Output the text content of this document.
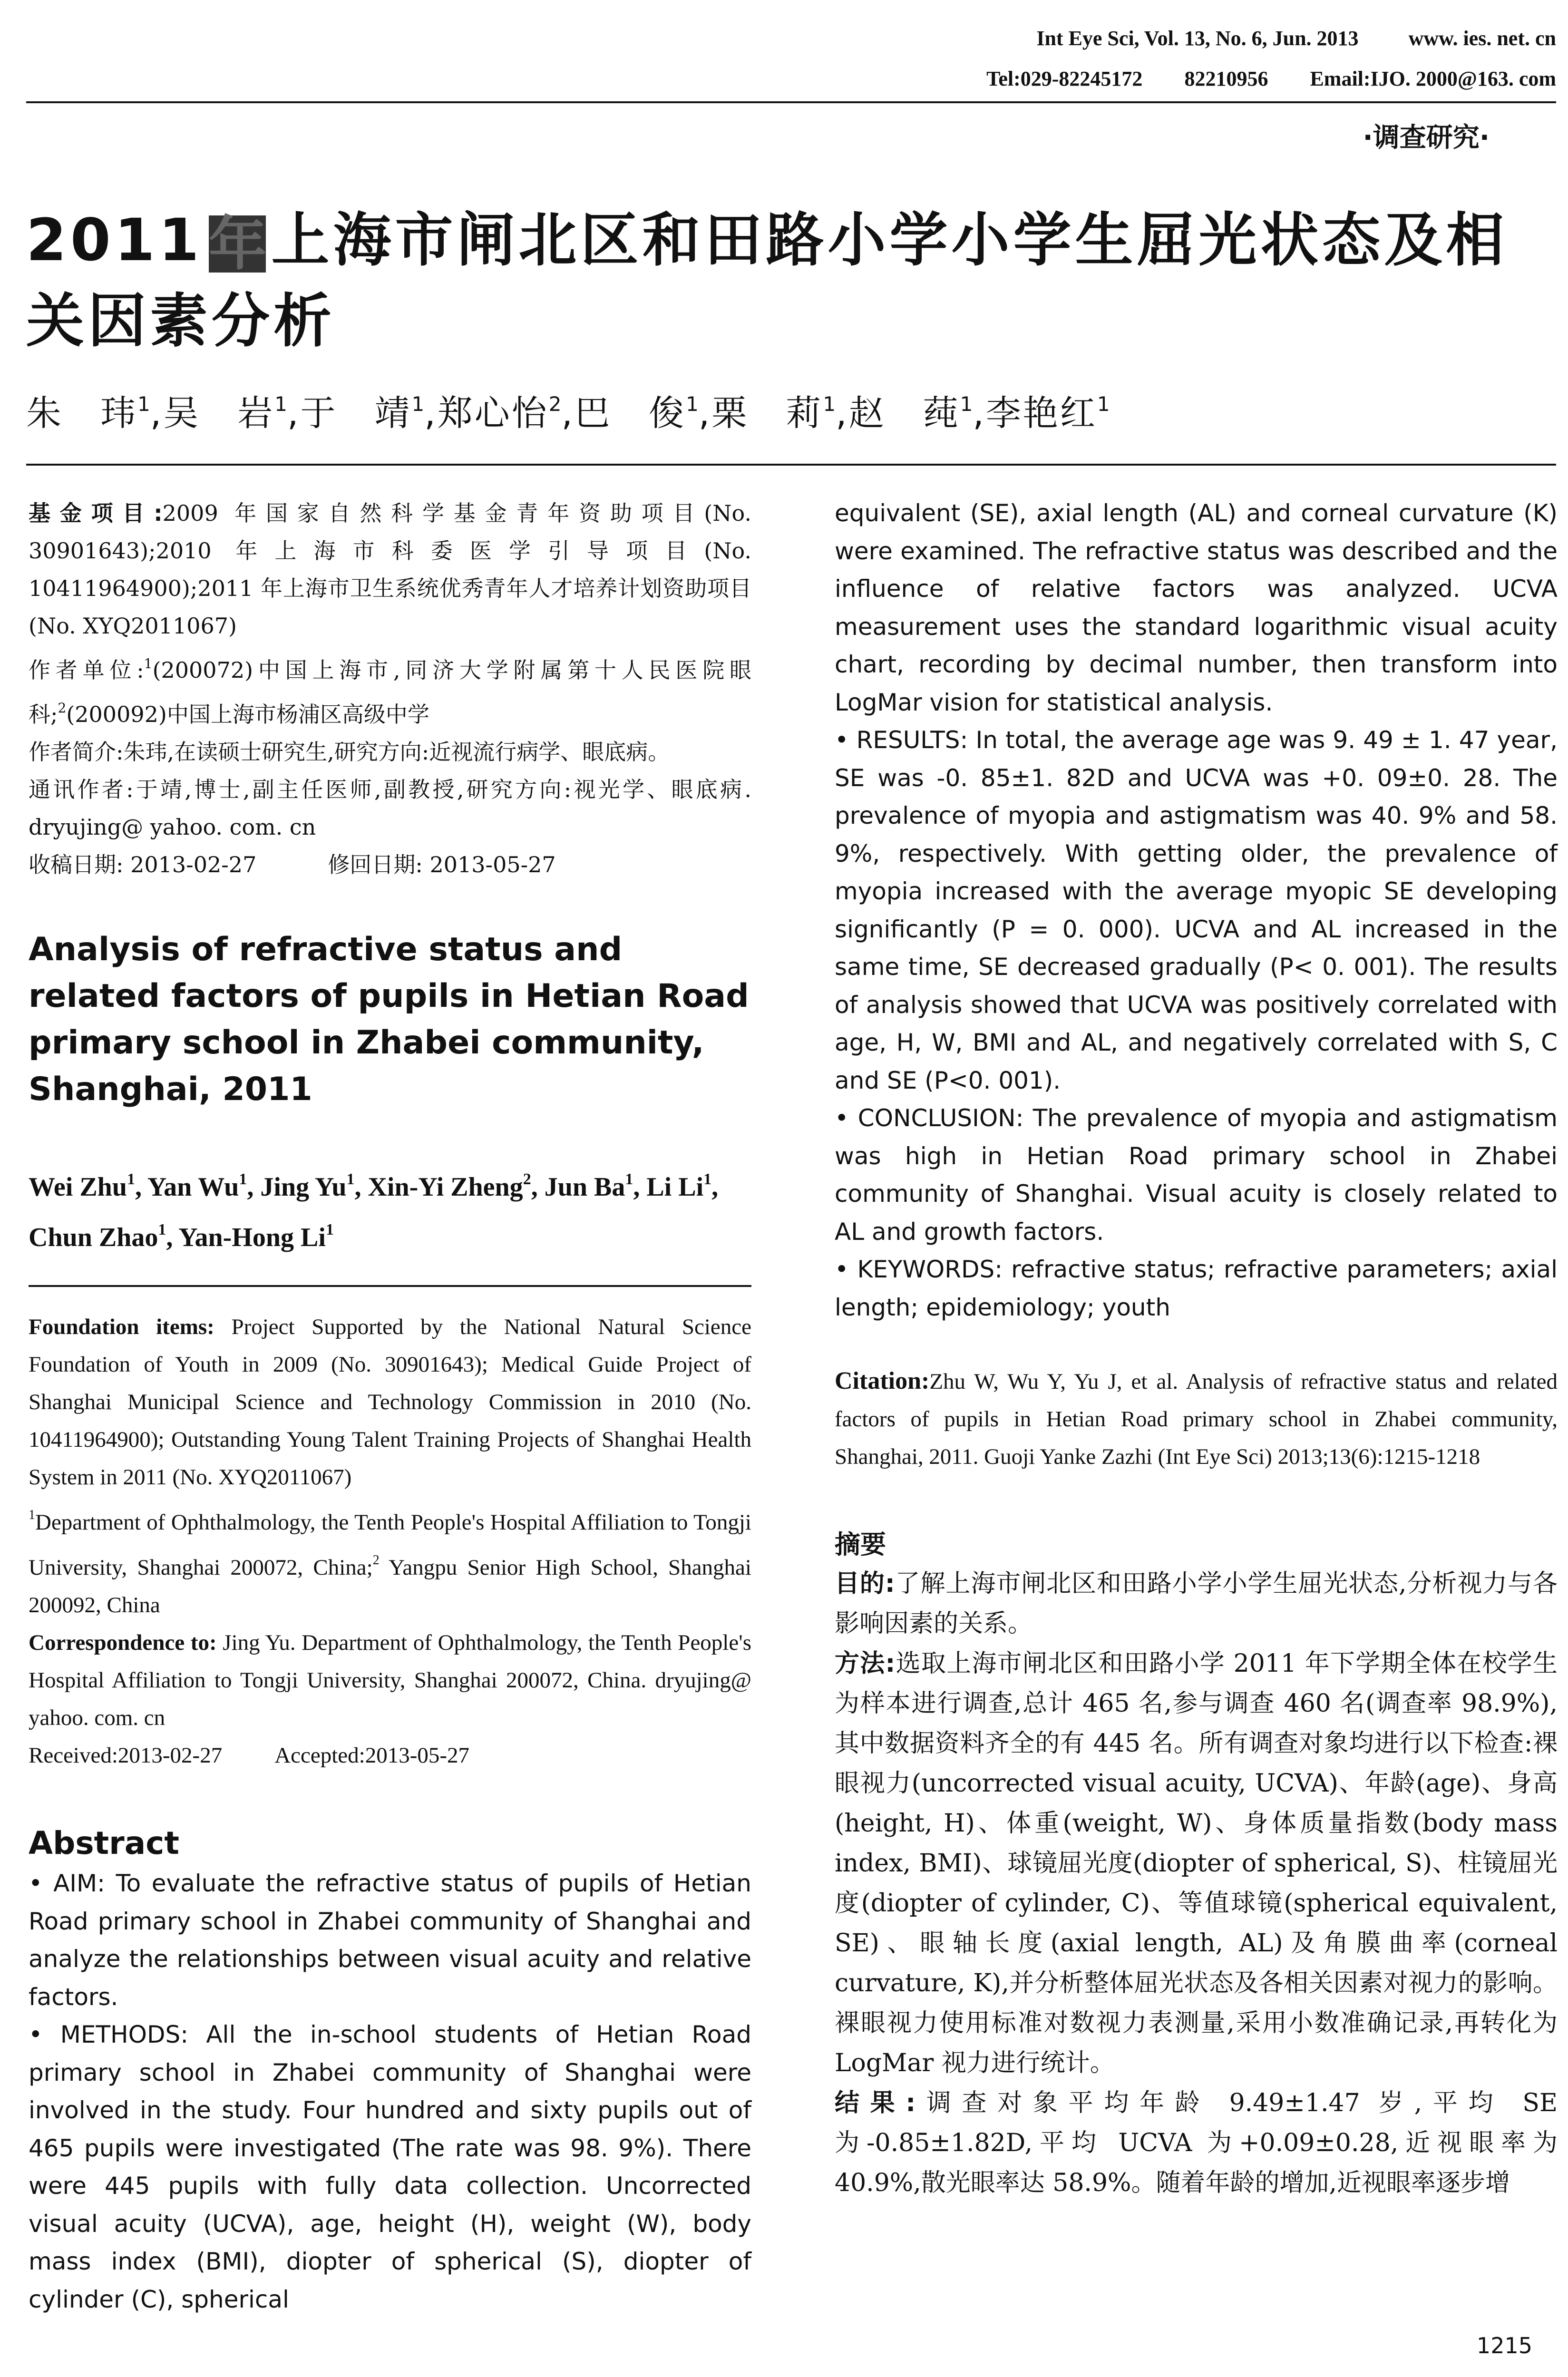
Int Eye Sci, Vol. 13, No. 6, Jun. 2013 www. ies. net. cn
Tel:029-82245172 82210956 Email:IJO. 2000@163. com
·调查研究·
2011年上海市闸北区和田路小学小学生屈光状态及相关因素分析
朱　玮$^1$,吴　岩$^1$,于　靖$^1$,郑心怡$^2$,巴　俊$^1$,栗　莉$^1$,赵　莼$^1$,李艳红$^1$

基金项目:2009 年国家自然科学基金青年资助项目(No. 30901643);2010 年上海市科委医学引导项目(No. 10411964900);2011 年上海市卫生系统优秀青年人才培养计划资助项目(No. XYQ2011067)

作者单位:$^1$(200072)中国上海市,同济大学附属第十人民医院眼科;$^2$(200092)中国上海市杨浦区高级中学

作者简介:朱玮,在读硕士研究生,研究方向:近视流行病学、眼底病。

通讯作者:于靖,博士,副主任医师,副教授,研究方向:视光学、眼底病. dryujing@ yahoo. com. cn

收稿日期: 2013-02-27	修回日期: 2013-05-27

Analysis of refractive status and related factors of pupils in Hetian Road primary school in Zhabei community, Shanghai, 2011
Wei Zhu$^1$, Yan Wu$^1$, Jing Yu$^1$, Xin-Yi Zheng$^2$, Jun Ba$^1$, Li Li$^1$, Chun Zhao$^1$, Yan-Hong Li$^1$

Foundation items: Project Supported by the National Natural Science Foundation of Youth in 2009 (No. 30901643); Medical Guide Project of Shanghai Municipal Science and Technology Commission in 2010 (No. 10411964900); Outstanding Young Talent Training Projects of Shanghai Health System in 2011 (No. XYQ2011067)

$^1$Department of Ophthalmology, the Tenth People's Hospital Affiliation to Tongji University, Shanghai 200072, China;$^2$ Yangpu Senior High School, Shanghai 200092, China

Correspondence to: Jing Yu. Department of Ophthalmology, the Tenth People's Hospital Affiliation to Tongji University, Shanghai 200072, China. dryujing@ yahoo. com. cn

Received:2013-02-27 Accepted:2013-05-27

Abstract

• AIM: To evaluate the refractive status of pupils of Hetian Road primary school in Zhabei community of Shanghai and analyze the relationships between visual acuity and relative factors.

• METHODS: All the in-school students of Hetian Road primary school in Zhabei community of Shanghai were involved in the study. Four hundred and sixty pupils out of 465 pupils were investigated (The rate was 98. 9%). There were 445 pupils with fully data collection. Uncorrected visual acuity (UCVA), age, height (H), weight (W), body mass index (BMI), diopter of spherical (S), diopter of cylinder (C), spherical

equivalent (SE), axial length (AL) and corneal curvature (K) were examined. The refractive status was described and the influence of relative factors was analyzed. UCVA measurement uses the standard logarithmic visual acuity chart, recording by decimal number, then transform into LogMar vision for statistical analysis.

• RESULTS: In total, the average age was 9. 49 ± 1. 47 year, SE was -0. 85±1. 82D and UCVA was +0. 09±0. 28. The prevalence of myopia and astigmatism was 40. 9% and 58. 9%, respectively. With getting older, the prevalence of myopia increased with the average myopic SE developing significantly (P = 0. 000). UCVA and AL increased in the same time, SE decreased gradually (P< 0. 001). The results of analysis showed that UCVA was positively correlated with age, H, W, BMI and AL, and negatively correlated with S, C and SE (P<0. 001).

• CONCLUSION: The prevalence of myopia and astigmatism was high in Hetian Road primary school in Zhabei community of Shanghai. Visual acuity is closely related to AL and growth factors.

• KEYWORDS: refractive status; refractive parameters; axial length; epidemiology; youth

Citation:Zhu W, Wu Y, Yu J, et al. Analysis of refractive status and related factors of pupils in Hetian Road primary school in Zhabei community, Shanghai, 2011. Guoji Yanke Zazhi (Int Eye Sci) 2013;13(6):1215-1218
摘要

目的:了解上海市闸北区和田路小学小学生屈光状态,分析视力与各影响因素的关系。

方法:选取上海市闸北区和田路小学 2011 年下学期全体在校学生为样本进行调查,总计 465 名,参与调查 460 名(调查率 98.9%),其中数据资料齐全的有 445 名。所有调查对象均进行以下检查:裸眼视力(uncorrected visual acuity, UCVA)、年龄(age)、身高(height, H)、体重(weight, W)、身体质量指数(body mass index, BMI)、球镜屈光度(diopter of spherical, S)、柱镜屈光度(diopter of cylinder, C)、等值球镜(spherical equivalent, SE)、眼轴长度(axial length, AL)及角膜曲率(corneal curvature, K),并分析整体屈光状态及各相关因素对视力的影响。裸眼视力使用标准对数视力表测量,采用小数准确记录,再转化为 LogMar 视力进行统计。

结果:调查对象平均年龄 9.49±1.47 岁,平均 SE 为-0.85±1.82D,平均 UCVA 为+0.09±0.28,近视眼率为 40.9%,散光眼率达 58.9%。随着年龄的增加,近视眼率逐步增

1215
